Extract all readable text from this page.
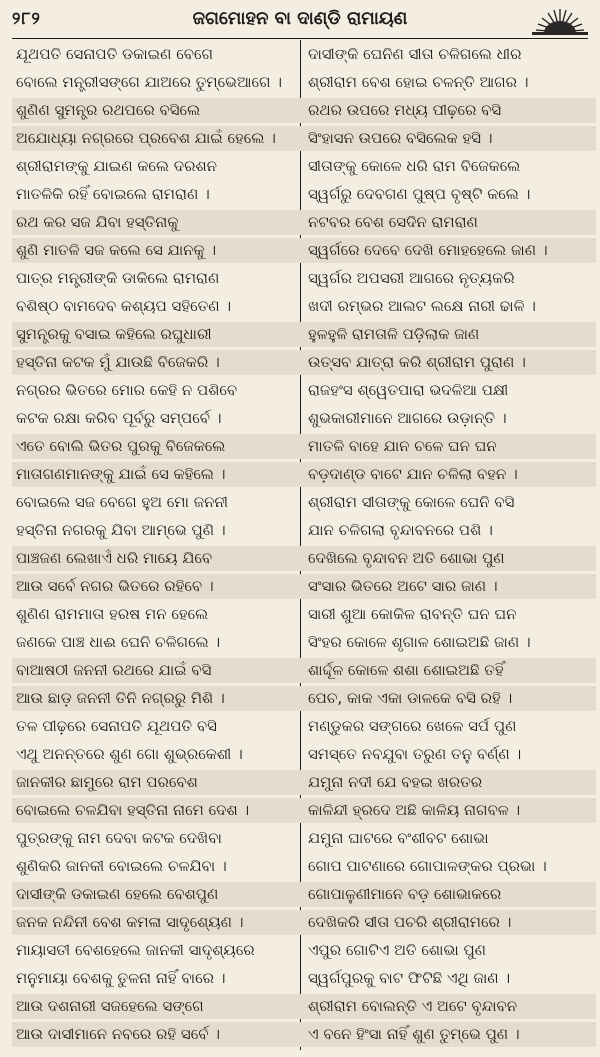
୨୮୨	ଜଗମୋହନ ବା ଦାଣ୍ଡି ରାମାୟଣ
ଯୂଥପତି ସେନାପତି ଡକାଇଣ ବେଗେ
ବୋଲେ ମନ୍ତ୍ରୀସଙ୍ଗେ ଯାଅରେ ତୁମ୍ଭେଆଗେ ।
ଶୁଣିଣ ସୁମନ୍ତ୍ର ରଥପରେ ବସିଲେ
ଅଯୋଧ୍ୟା ନଗ୍ରରେ ପ୍ରବେଶ ଯାଇଁ ହେଲେ ।
ଶ୍ରୀରାମଙ୍କୁ ଯାଇଣ କଲେ ଦରଶନ
ମାତଳିକି ରହିଁ ବୋଇଲେ ରାମରାଣ ।
ରଥ କର ସଜ ଯିବା ହସ୍ତିନାକୁ
ଶୁଣି ମାତଳି ସଜ କଲେ ସେ ଯାନକୁ ।
ପାତ୍ର ମନ୍ତ୍ରୀଙ୍କି ଡାକିଲେ ରାମରାଣ
ବଶିଷ୍ଠ ବାମଦେବ କଶ୍ୟପ ସହିତେଣ ।
ସୁମନ୍ତ୍ରକୁ ବସାଇ କହିଲେ ରଘୁଧାରୀ
ହସ୍ତିନା କଟକ ମୁଁ ଯାଉଛି ବିଜେକରି ।
ନଗ୍ରର ଭିତରେ ମୋର କେହି ନ ପଶିବେ
କଟକ ରକ୍ଷା କରିବ ପୂର୍ବରୁ ସମ୍ପର୍ବେ ।
ଏତେ ବୋଲି ଭିତର ପୁରକୁ ବିଜେକଲେ
ମାତାଗଣମାନଙ୍କୁ ଯାଇଁ ସେ କହିଲେ ।
ବୋଇଲେ ସଜ ବେଗେ ହୁଅ ମୋ ଜନନୀ
ହସ୍ତିନା ନଗରକୁ ଯିବା ଆମ୍ଭେ ପୁଣି ।
ପାଞ୍ଚଜଣ ଲେଖାଏଁ ଧରି ମାୟେ ଯିବେ
ଆଉ ସର୍ବେ ନଗର ଭିତରେ ରହିବେ ।
ଶୁଣିଣ ରାମମାତା ହରଷ ମନ ହେଲେ
ଜଣକେ ପାଞ୍ଚ ଧାଈ ଘେନି ଚଳିଗଲେ ।
ବାଆଷଠୀ ଜନନୀ ରଥରେ ଯାଇଁ ବସି
ଆଉ ଛାଡ଼ ଜନନୀ ତିନି ନଗ୍ରରୁ ମିଶି ।
ତଳ ପୀଢ଼ରେ ସେନାପତି ଯୂଥପତି ବସି
ଏଥୁ ଅନନ୍ତରେ ଶୁଣ ଗୋ ଶୁଭ୍ରକେଶୀ ।
ଜାନକୀର ଛାମୁରେ ରାମ ପରବେଶ
ବୋଇଲେ ଚଳଯିବା ହସ୍ତିନା ନାମେ ଦେଶ ।
ପୁତ୍ରଙ୍କୁ ନାମ ଦେବା କଟକ ଦେଖିବା
ଶୁଣିକରି ଜାନକୀ ବୋଇଲେ ଚଳଯିବା ।
ଦାସୀଙ୍କି ଡକାଇଣ ହେଲେ ବେଶପୁଣ
ଜନକ ନନ୍ଦିନୀ ବେଶ କମଳା ସାଦୃଶ୍ୟେଣ ।
ମାୟାସତୀ ବେଶହେଲେ ଜାନକୀ ସାଦୃଶ୍ୟରେ
ମନୁମାୟା ବେଶକୁ ତୁଳନା ନାହିଁ ବାରେ ।
ଆଉ ଦଶନାରୀ ସଜହେଲେ ସଙ୍ଗେ
ଆଉ ଦାସୀମାନେ ନବରେ ରହି ସର୍ବେ ।
ଦାସୀଙ୍କି ଘେନିଣ ସୀତା ଚଳିଗଲେ ଧୀର
ଶ୍ରୀରାମ ବେଶ ହୋଇ ଚଳନ୍ତି ଆଗର ।
ରଥର ଉପରେ ମଧ୍ୟ ପୀଢ଼ରେ ବସି
ସିଂହାସନ ଉପରେ ବସିଲେକ ହସି ।
ସୀତାଙ୍କୁ କୋଳେ ଧରି ରାମ ବିଜେକଲେ
ସ୍ୱର୍ଗରୁ ଦେବଗଣ ପୁଷ୍ପ ବୃଷ୍ଟି କଲେ ।
ନଟବର ବେଶ ସେଦିନ ରାମରାଣ
ସ୍ୱର୍ଗରେ ଦେବେ ଦେଖି ମୋହହେଲେ ଜାଣ ।
ସ୍ୱର୍ଗର ଅପସରୀ ଆଗରେ ନୃତ୍ୟକରି
ଖଦୀ ରମ୍ଭର ଆଲଟ ଲକ୍ଷେ ନାରୀ ଢାଳି ।
ହୁଳହୁଳି ରାମତାଳି ପଡ଼ିଲାକ ଜାଣ
ଉତ୍ସବ ଯାତ୍ରା କରି ଶ୍ରୀରାମ ପୁରାଣ ।
ରାଜହଂସ ଶ୍ୱେତପାରା ଭଦଳିଆ ପକ୍ଷୀ
ଶୁଭକାରୀମାନେ ଆଗରେ ଉଡ଼ାନ୍ତି ।
ମାତଳି ବାହେ ଯାନ ଚଳେ ଘନ ଘନ
ବଡ଼ଦାଣ୍ଡ ବାଟେ ଯାନ ଚଳିଲା ବହନ ।
ଶ୍ରୀରାମ ସୀତାଙ୍କୁ କୋଳେ ଘେନି ବସି
ଯାନ ଚଳିଗଲା ବୃନ୍ଦାବନରେ ପଶି ।
ଦେଖିଲେ ବୃନ୍ଦାବନ ଅତି ଶୋଭା ପୁଣ
ସଂସାର ଭିତରେ ଅଟେ ସାର ଜାଣ ।
ସାରୀ ଶୁଆ କୋକିଳ ରାବନ୍ତି ଘନ ଘନ
ସିଂହର କୋଳେ ଶୃଗାଳ ଶୋଇଅଛି ଜାଣ ।
ଶାର୍ଦ୍ଦୂଳ କୋଳେ ଶଶା ଶୋଇଅଛି ତହିଁ
ପେଚ, କାକ ଏକା ଡାଳକେ ବସି ରହି ।
ମଣ୍ଡୁକର ସଙ୍ଗରେ ଖେଳେ ସର୍ପ ପୁଣ
ସମସ୍ତେ ନବଯୁବା ତରୁଣ ତନୁ ବର୍ଣ୍ଣ ।
ଯମୁନା ନଦୀ ଯେ ବହଇ ଖରତର
କାଳିନ୍ଦୀ ହ୍ରଦେ ଅଛି କାଳିୟ ନାଗବଳ ।
ଯମୁନା ଘାଟରେ ବଂଶୀବଟ ଶୋଭା
ଗୋପ ପାଟଣାରେ ଗୋପାଳଙ୍କର ପ୍ରଭା ।
ଗୋପାଳୁଣୀମାନେ ବଡ଼ ଶୋଭାକରେ
ଦେଖିକରି ସୀତା ପଚରି ଶ୍ରୀରାମରେ ।
ଏପୁର ଗୋଟିଏ ଅତି ଶୋଭା ପୁଣ
ସ୍ୱର୍ଗପୁରକୁ ବାଟ ଫିଟିଛି ଏଥି ଜାଣ ।
ଶ୍ରୀରାମ ବୋଲନ୍ତି ଏ ଅଟେ ବୃନ୍ଦାବନ
ଏ ବନେ ହିଂସା ନାହିଁ ଶୁଣ ତୁମ୍ଭେ ପୁଣ ।
